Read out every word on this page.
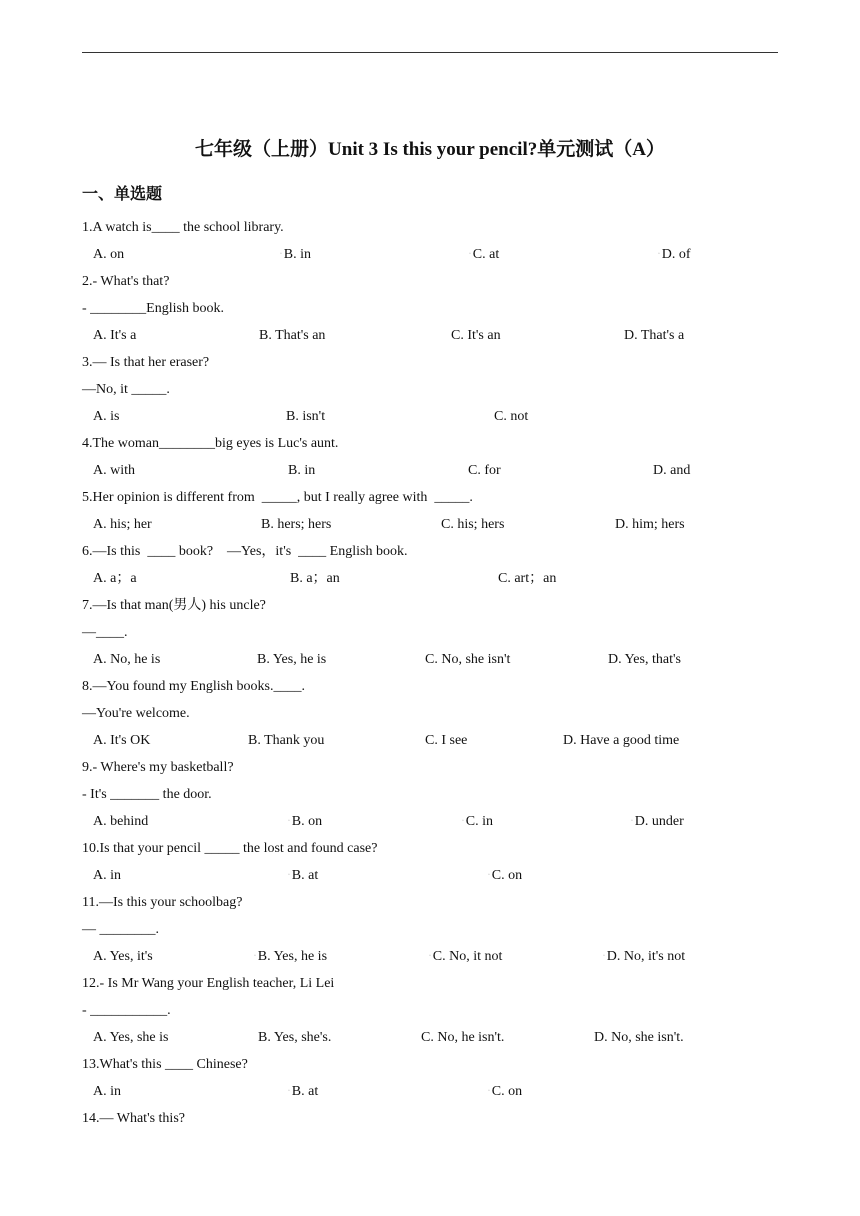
七年级（上册）Unit 3 Is this your pencil?单元测试（A）
一、单选题
1.A watch is____ the school library.
A. on	▫ B. in	▫ C. at	▫ D. of
2.- What's that?
- ________English book.
A. It's a	B. That's an	C. It's an	D. That's a
3.— Is that her eraser?
—No, it _____.
A. is	B. isn't	C. not
4.The woman________big eyes is Luc's aunt.
A. with	B. in	C. for	D. and
5.Her opinion is different from  _____, but I really agree with  _____.
A. his; her	B. hers; hers	C. his; hers	D. him; hers
6.—Is this  ____ book?    —Yes，it's  ____ English book.
A. a；a	B. a；an	C. art；an
7.—Is that man(男人) his uncle?
—____.
A. No, he is	B. Yes, he is	C. No, she isn't	D. Yes, that's
8.—You found my English books.____.
—You're welcome.
A. It's OK	B. Thank you	C. I see	D. Have a good time
9.- Where's my basketball?
- It's _______ the door.
A. behind	▫ B. on	▫ C. in	▫ D. under
10.Is that your pencil _____ the lost and found case?
A. in	▫ B. at	▫ C. on
11.—Is this your schoolbag?
— ________.
A. Yes, it's	▫ B. Yes, he is	▫ C. No, it not	▫ D. No, it's not
12.- Is Mr Wang your English teacher, Li Lei
- ___________.
A. Yes, she is	B. Yes, she's.	C. No, he isn't.	D. No, she isn't.
13.What's this ____ Chinese?
A. in	▫ B. at	▫ C. on
14.— What's this?
